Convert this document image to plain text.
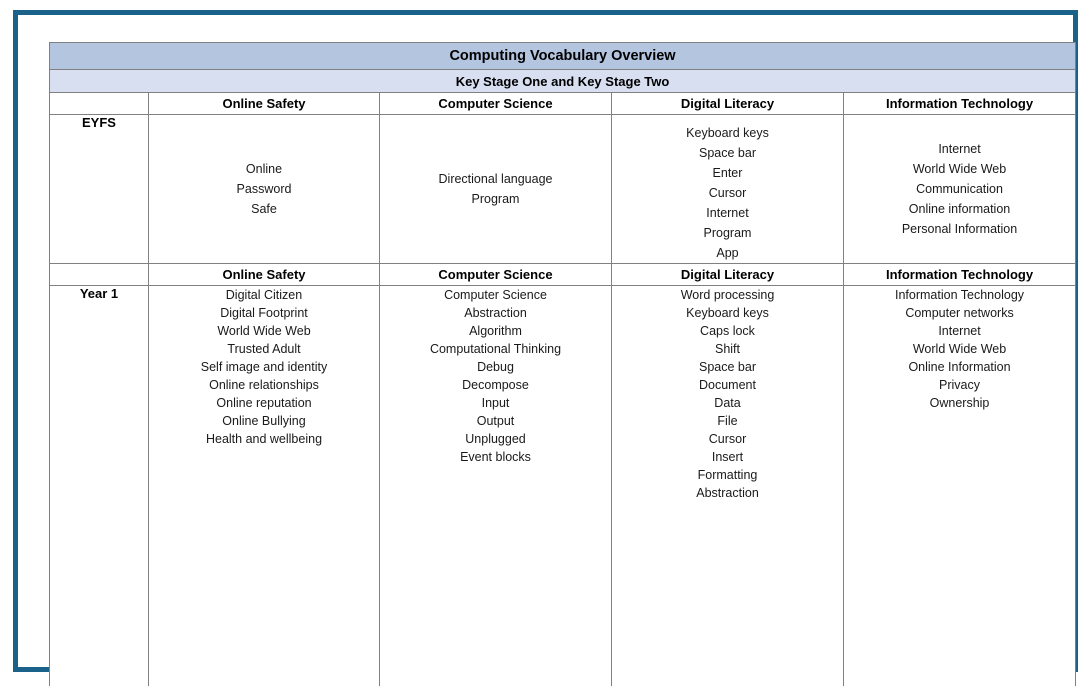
Computing Vocabulary Overview				
Key Stage One and Key Stage Two				
	Online Safety	Computer Science	Digital Literacy	Information Technology
EYFS	
Online
Password
Safe

Directional language
Program

Keyboard keys
Space bar
Enter
Cursor
Internet
Program
App

Internet
World Wide Web
Communication
Online information
Personal Information

	Online Safety	Computer Science	Digital Literacy	Information Technology
Year 1	Digital Citizen
Digital Footprint
World Wide Web
Trusted Adult
Self image and identity
Online relationships
Online reputation
Online Bullying
Health and wellbeing

Computer Science
Abstraction
Algorithm
Computational Thinking
Debug
Decompose
Input
Output
Unplugged
Event blocks

Word processing
Keyboard keys
Caps lock
Shift
Space bar
Document
Data
File
Cursor
Insert
Formatting
Abstraction

Information Technology
Computer networks
Internet
World Wide Web
Online Information
Privacy
Ownership
